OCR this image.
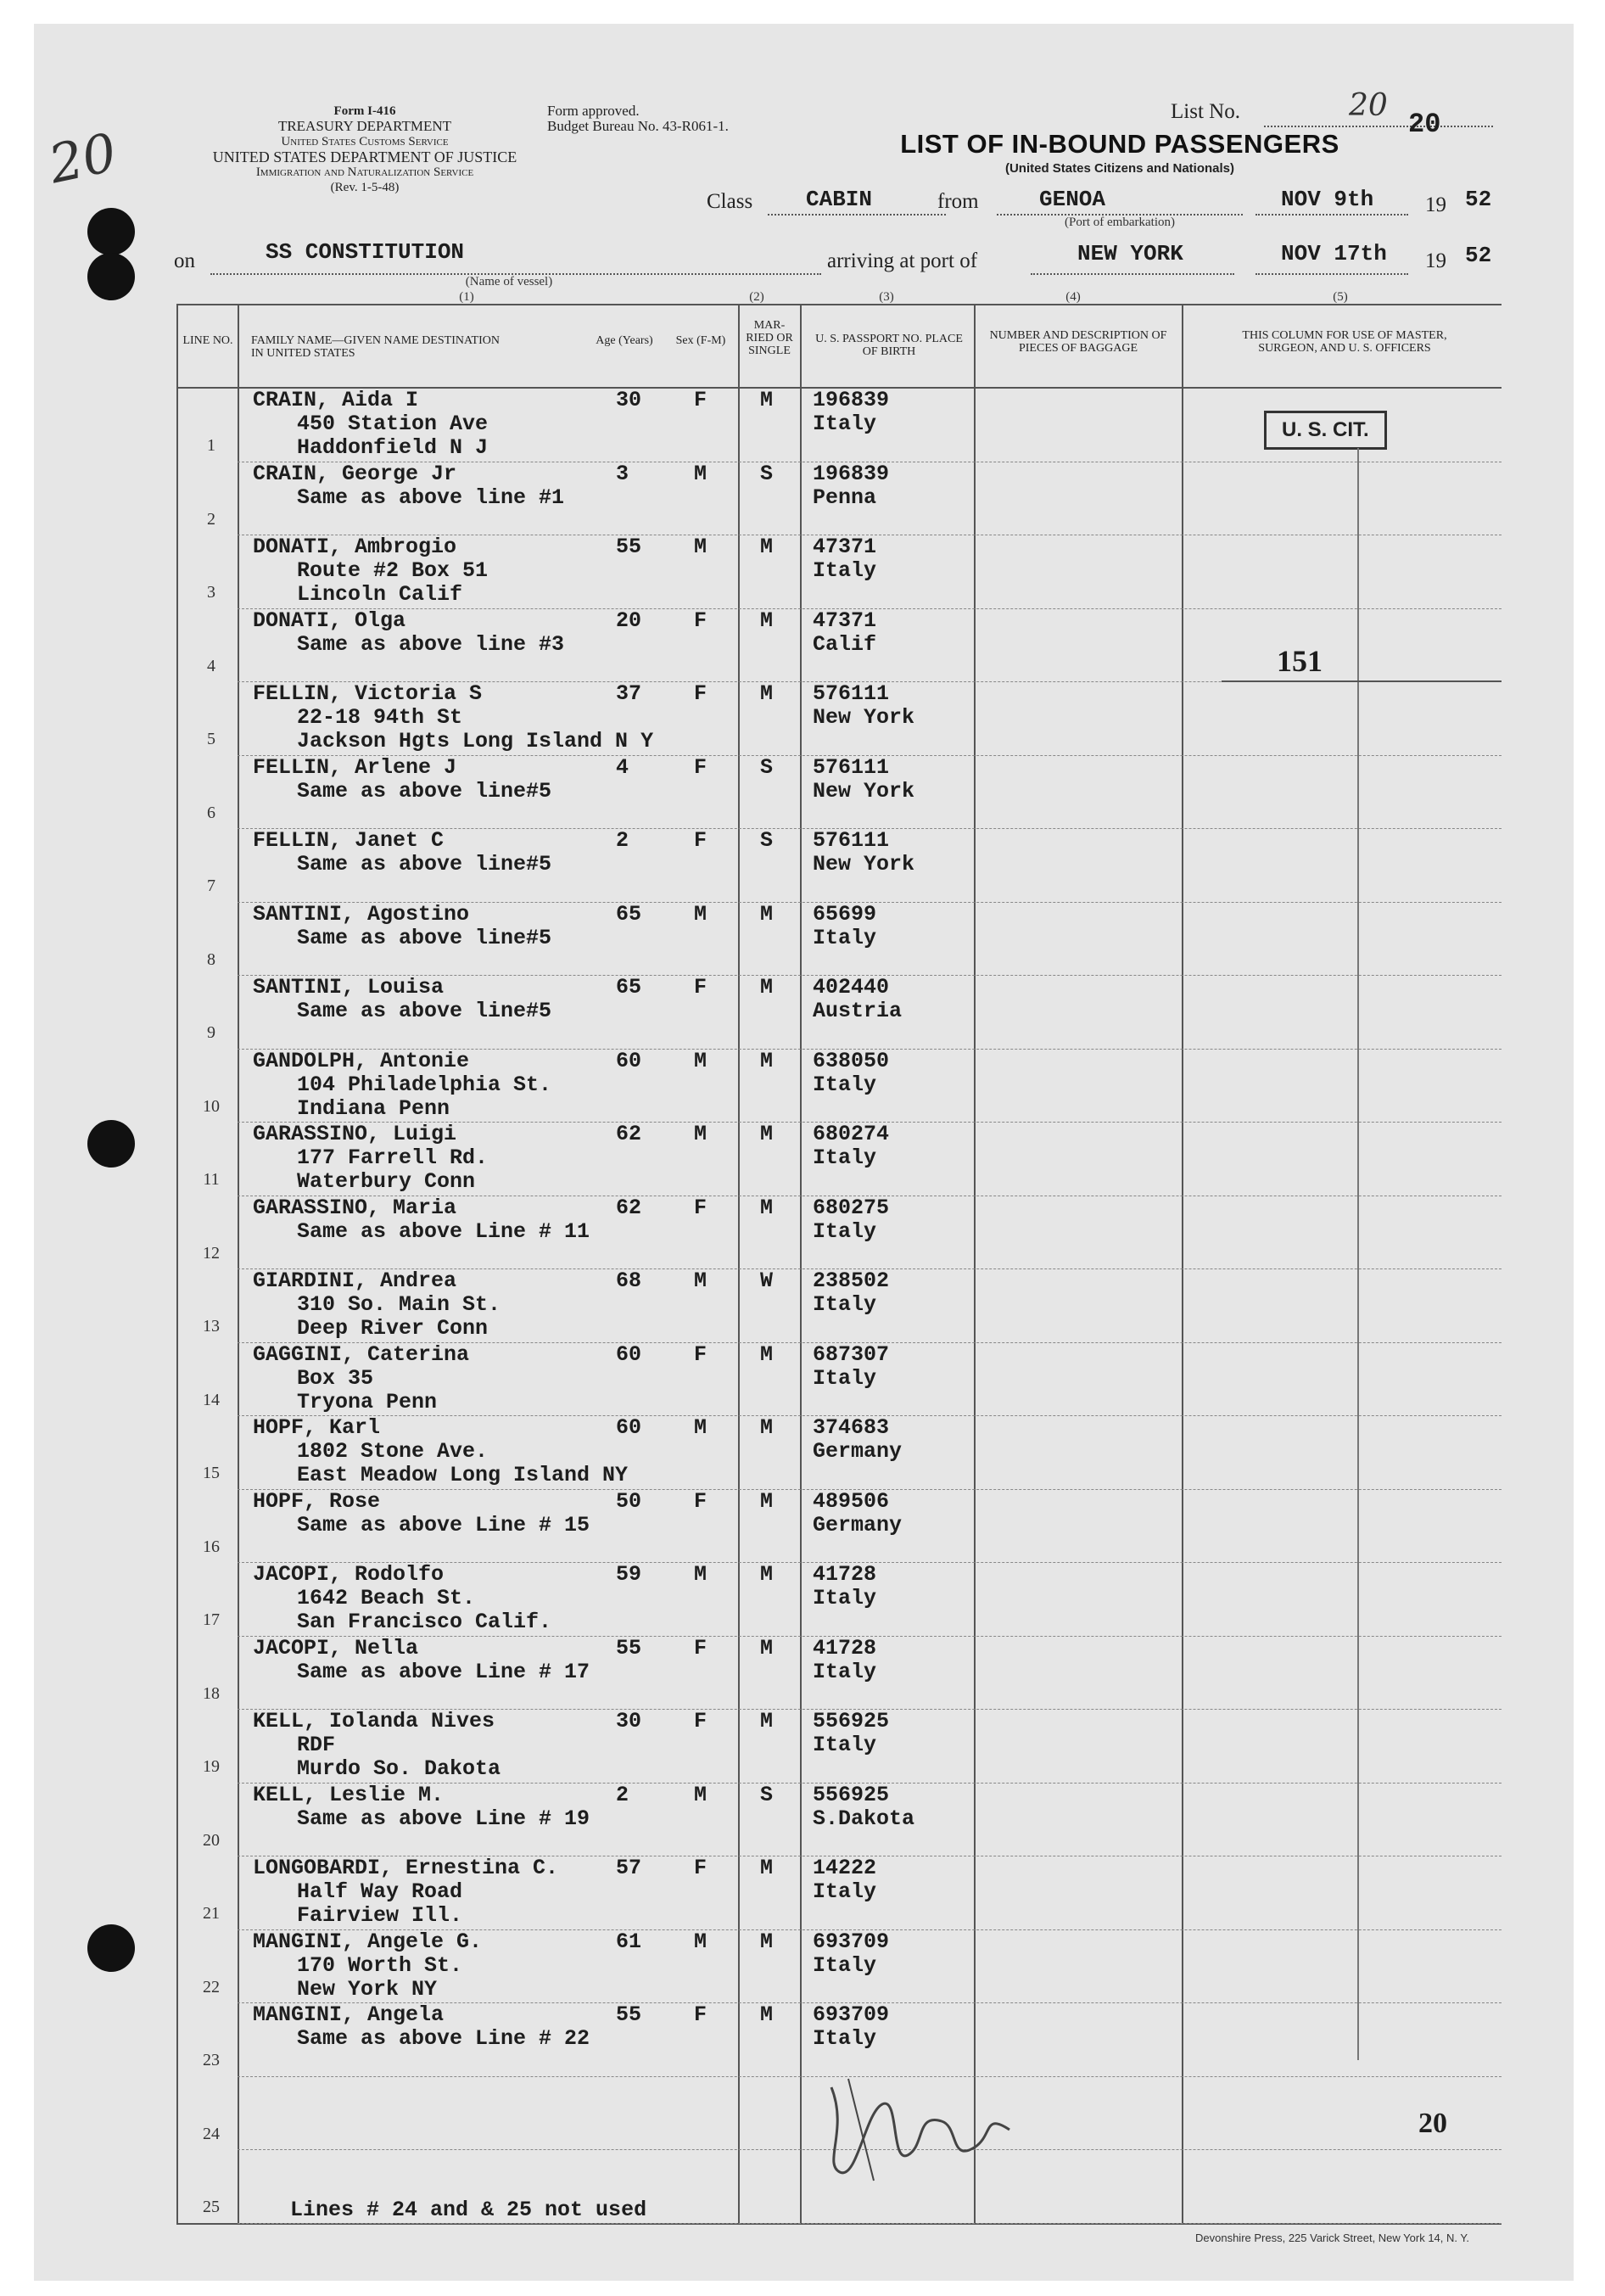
20
Form I-416
TREASURY DEPARTMENT
United States Customs Service
Form approved.
Budget Bureau No. 43-R061-1.
UNITED STATES DEPARTMENT OF JUSTICE
Immigration and Naturalization Service
(Rev. 1-5-48)
List No.	20
20
LIST OF IN-BOUND PASSENGERS
(United States Citizens and Nationals)
Class CABIN	from	GENOA
(Port of embarkation)
NOV 9th 19 52
on	SS CONSTITUTION
(Name of vessel)
arriving at port of	NEW YORK	NOV 17th 19 52
(1)	(2)	(3)	(4)	(5)
LINE NO. FAMILY NAME—GIVEN NAME DESTINATION IN UNITED STATES
Age (Years)	Sex (F-M)
MAR- RIED OR SINGLE
U. S. PASSPORT NO. PLACE OF BIRTH
NUMBER AND DESCRIPTION OF PIECES OF BAGGAGE
THIS COLUMN FOR USE OF MASTER, SURGEON, AND U. S. OFFICERS
1
CRAIN, Aida I
450 Station Ave
Haddonfield N J
30 F	M 196839
Italy
2
CRAIN, George Jr
Same as above line #1
3	M	S 196839
Penna
3
DONATI, Ambrogio
Route #2 Box 51
Lincoln Calif
55 M	M 47371
Italy
4
DONATI, Olga
Same as above line #3
20 F	M 47371
Calif
5
FELLIN, Victoria S
22-18 94th St
Jackson Hgts Long Island N Y
37 F	M 576111
New York
6
FELLIN, Arlene J
Same as above line#5
4	F	S 576111
New York
7
FELLIN, Janet C
Same as above line#5
2	F	S 576111
New York
8
SANTINI, Agostino
Same as above line#5
65 M	M 65699
Italy
9
SANTINI, Louisa
Same as above line#5
65 F	M 402440
Austria
10
GANDOLPH, Antonie
104 Philadelphia St.
Indiana Penn
60 M	M 638050
Italy
11
GARASSINO, Luigi
177 Farrell Rd.
Waterbury Conn
62 M	M 680274
Italy
12
GARASSINO, Maria
Same as above Line # 11
62 F	M 680275
Italy
13
GIARDINI, Andrea
310 So. Main St.
Deep River Conn
68 M	W 238502
Italy
14
GAGGINI, Caterina
Box 35
Tryona Penn
60 F	M 687307
Italy
15
HOPF, Karl
1802 Stone Ave.
East Meadow Long Island NY
60 M	M 374683
Germany
16
HOPF, Rose
Same as above Line # 15
50 F	M 489506
Germany
17
JACOPI, Rodolfo
1642 Beach St.
San Francisco Calif.
59 M	M 41728
Italy
18
JACOPI, Nella
Same as above Line # 17
55 F	M 41728
Italy
19
KELL, Iolanda Nives
RDF
Murdo So. Dakota
30 F	M 556925
Italy
20
KELL, Leslie M.
Same as above Line # 19
2	M	S 556925
S.Dakota
21
LONGOBARDI, Ernestina C.
Half Way Road
Fairview Ill.
57 F	M 14222
Italy
22
MANGINI, Angele G.
170 Worth St.
New York NY
61 M	M 693709
Italy
23
MANGINI, Angela
Same as above Line # 22
55 F	M 693709
Italy
24
25
U. S. CIT.
151
Lines # 24 and & 25 not used
20
Devonshire Press, 225 Varick Street, New York 14, N. Y.
